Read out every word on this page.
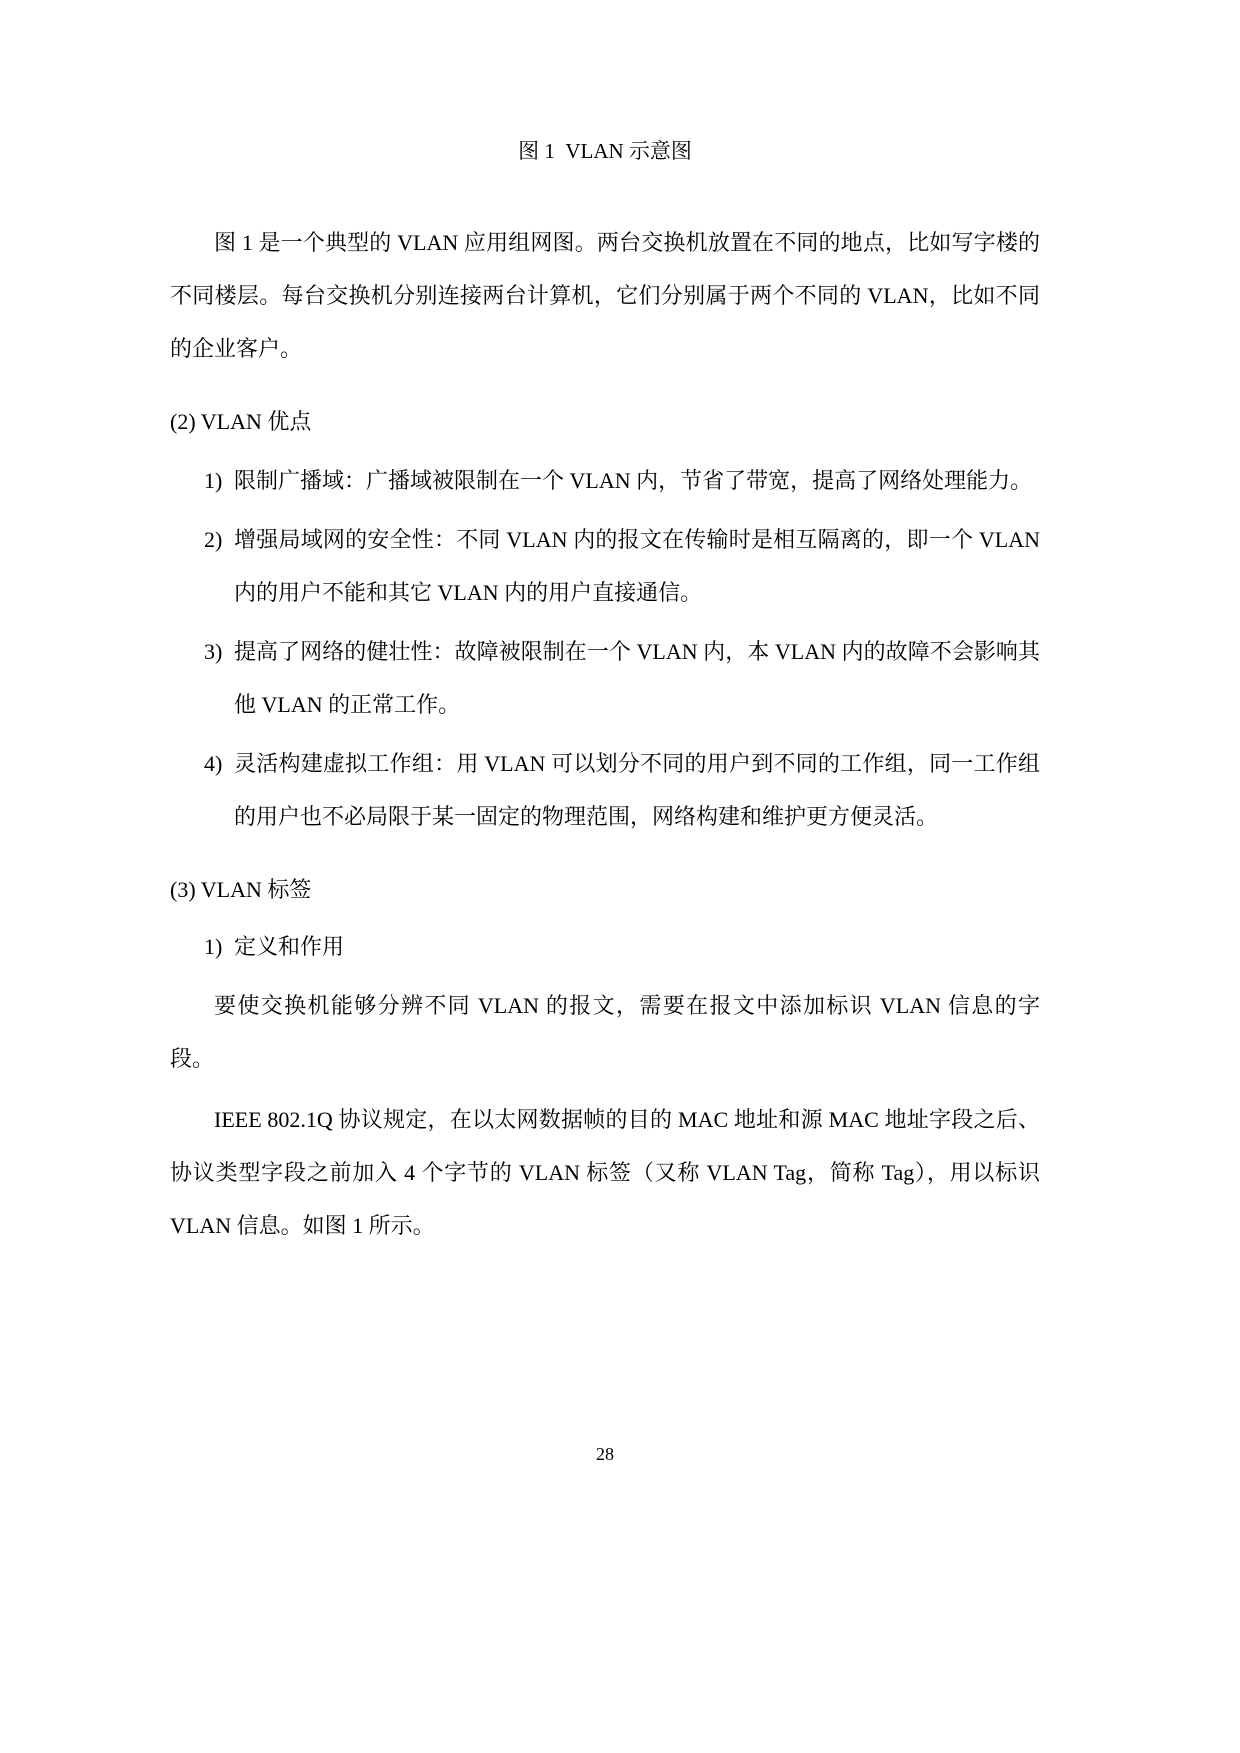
图 1  VLAN 示意图

图 1 是一个典型的 VLAN 应用组网图。两台交换机放置在不同的地点，比如写字楼的不同楼层。每台交换机分别连接两台计算机，它们分别属于两个不同的 VLAN，比如不同的企业客户。

(2) VLAN 优点
1) 限制广播域：广播域被限制在一个 VLAN 内，节省了带宽，提高了网络处理能力。
2) 增强局域网的安全性：不同 VLAN 内的报文在传输时是相互隔离的，即一个 VLAN 内的用户不能和其它 VLAN 内的用户直接通信。
3) 提高了网络的健壮性：故障被限制在一个 VLAN 内，本 VLAN 内的故障不会影响其他 VLAN 的正常工作。
4) 灵活构建虚拟工作组：用 VLAN 可以划分不同的用户到不同的工作组，同一工作组的用户也不必局限于某一固定的物理范围，网络构建和维护更方便灵活。
(3) VLAN 标签
1) 定义和作用

要使交换机能够分辨不同 VLAN 的报文，需要在报文中添加标识 VLAN 信息的字段。

IEEE 802.1Q 协议规定，在以太网数据帧的目的 MAC 地址和源 MAC 地址字段之后、协议类型字段之前加入 4 个字节的 VLAN 标签（又称 VLAN Tag，简称 Tag），用以标识 VLAN 信息。如图 1 所示。

28
